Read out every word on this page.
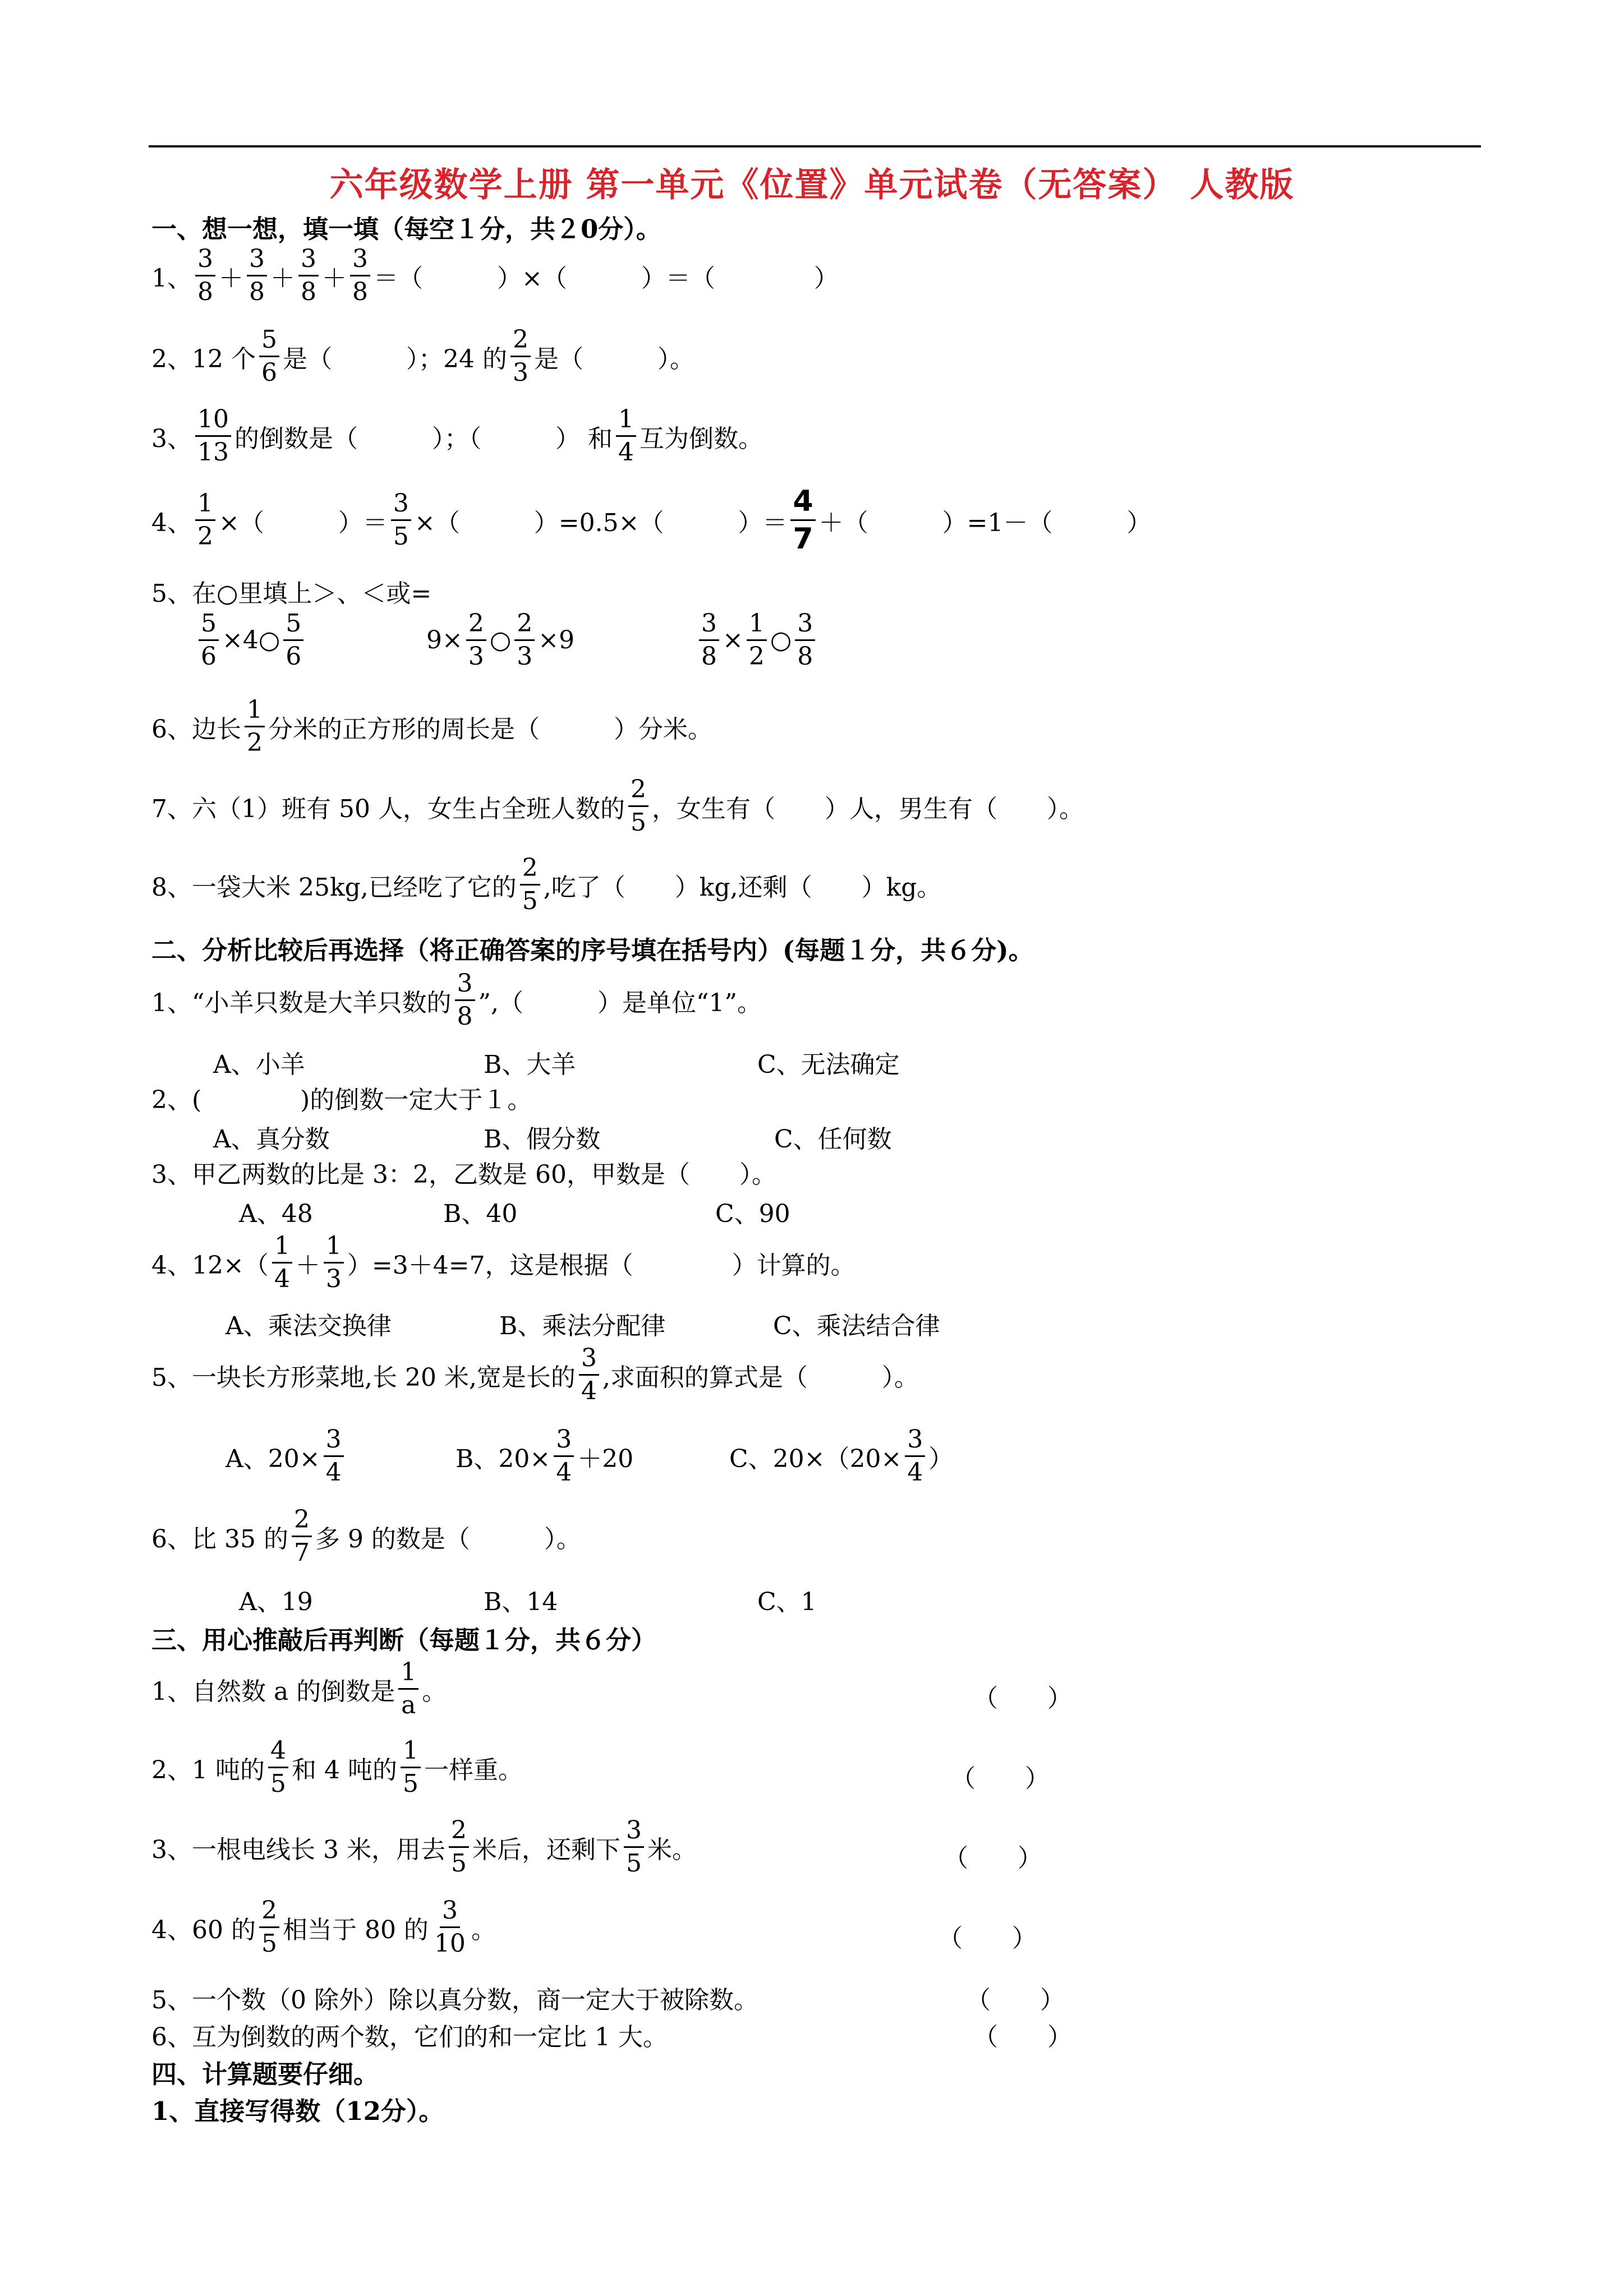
六年级数学上册 第一单元《位置》单元试卷（无答案） 人教版
一、想一想，填一填（每空１分，共２0分）。
1、 $\frac{3}{8} + \frac{3}{8} + \frac{3}{8} + \frac{3}{8}$ ＝（　　　）×（　　　）＝（　　　　）
2、12 个 $\frac{5}{6}$ 是（　　　）；24 的 $\frac{2}{3}$ 是（　　　）。
3、 $\frac{10}{13}$ 的倒数是（　　　）；（　　　） 和 $\frac{1}{4}$ 互为倒数。
4、 $\frac{1}{2}$ ×（　　　）＝ $\frac{3}{5}$ ×（　　　）=0.5×（　　　）＝ $\frac{4}{7}$ ＋（　　　）=1－（　　　）
5、在○里填上＞、＜或=
$\frac{5}{6}$ ×4○ $\frac{5}{6}$	$9\times \frac{2}{3}$ ○ $\frac{2}{3} \times 9$	$\frac{3}{8} \times \frac{1}{2}$ ○ $\frac{3}{8}$
6、边长 $\frac{1}{2}$ 分米的正方形的周长是（　　　）分米。
7、六（1）班有 50 人，女生占全班人数的 $\frac{2}{5}$ ，女生有（　　）人，男生有（　　）。
8、一袋大米 25kg,已经吃了它的 $\frac{2}{5}$ ,吃了（　　）kg,还剩（　　）kg。
二、分析比较后再选择（将正确答案的序号填在括号内）(每题１分，共６分)。
1、“小羊只数是大羊只数的 $\frac{3}{8}$ ”,（　　　）是单位“1”。
A、小羊	B、大羊	C、无法确定
2、(　　　　)的倒数一定大于１。
A、真分数	B、假分数	C、任何数
3、甲乙两数的比是 3：2，乙数是 60，甲数是（　　）。
A、48	B、40	C、90
4、$12\times( \frac{1}{4} + \frac{1}{3} )=3+4=7$，这是根据（　　　　）计算的。
A、乘法交换律	B、乘法分配律	C、乘法结合律
5、一块长方形菜地,长 20 米,宽是长的 $\frac{3}{4}$ ,求面积的算式是（　　　）。
A、$20\times \frac{3}{4}$	B、$20\times \frac{3}{4} +20$	C、$20\times(20\times \frac{3}{4}$ ）
6、比 35 的 $\frac{2}{7}$ 多 9 的数是（　　　）。
A、19	B、14	C、1
三、用心推敲后再判断（每题１分，共６分）
1、自然数 a 的倒数是 $\frac{1}{a}$ 。	（　　）
2、1 吨的 $\frac{4}{5}$ 和 4 吨的 $\frac{1}{5}$ 一样重。	（　　）
3、一根电线长 3 米，用去 $\frac{2}{5}$ 米后，还剩下 $\frac{3}{5}$ 米。	（　　）
4、60 的 $\frac{2}{5}$ 相当于 80 的 $\frac{3}{10}$ 。	（　　）
5、一个数（0 除外）除以真分数，商一定大于被除数。	（　　）
6、互为倒数的两个数，它们的和一定比 1 大。	（　　）
四、计算题要仔细。
1、直接写得数（12分）。
